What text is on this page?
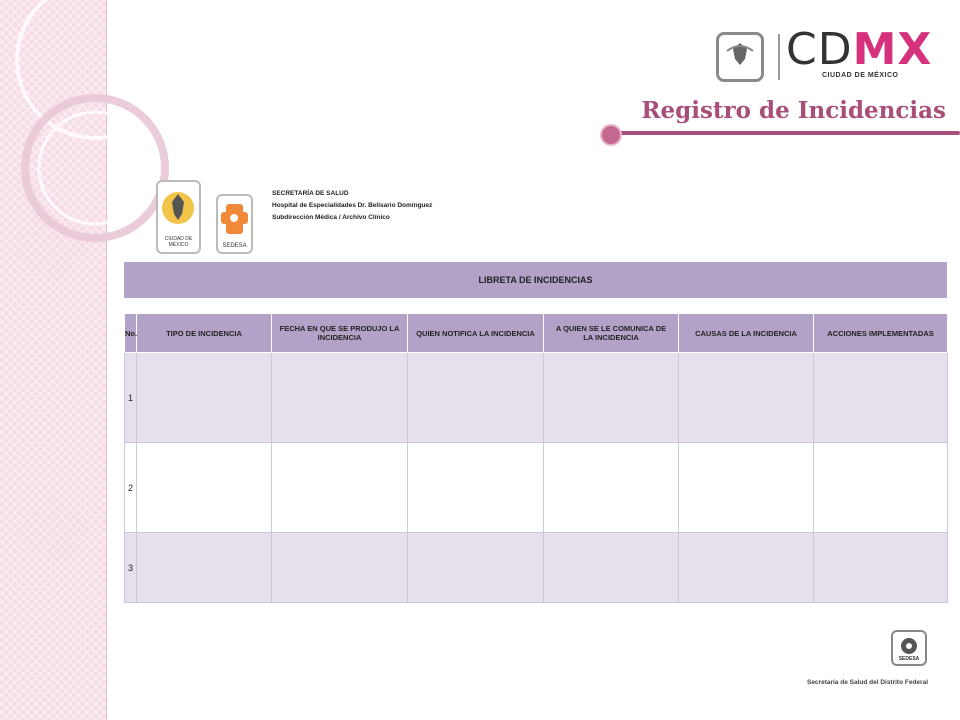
CDMX
CIUDAD DE MÉXICO
Registro de Incidencias
CIUDAD DE MÉXICO	SEDESA
SECRETARÍA DE SALUD
Hospital de Especialidades Dr. Belisario Domínguez
Subdirección Médica / Archivo Clínico
LIBRETA DE INCIDENCIAS
No.	TIPO DE INCIDENCIA	FECHA EN QUE SE PRODUJO LA INCIDENCIA	QUIEN NOTIFICA LA INCIDENCIA	A QUIEN SE LE COMUNICA DE LA INCIDENCIA	CAUSAS DE LA INCIDENCIA	ACCIONES IMPLEMENTADAS
1						
2						
3						
SEDESA
Secretaría de Salud del Distrito Federal
